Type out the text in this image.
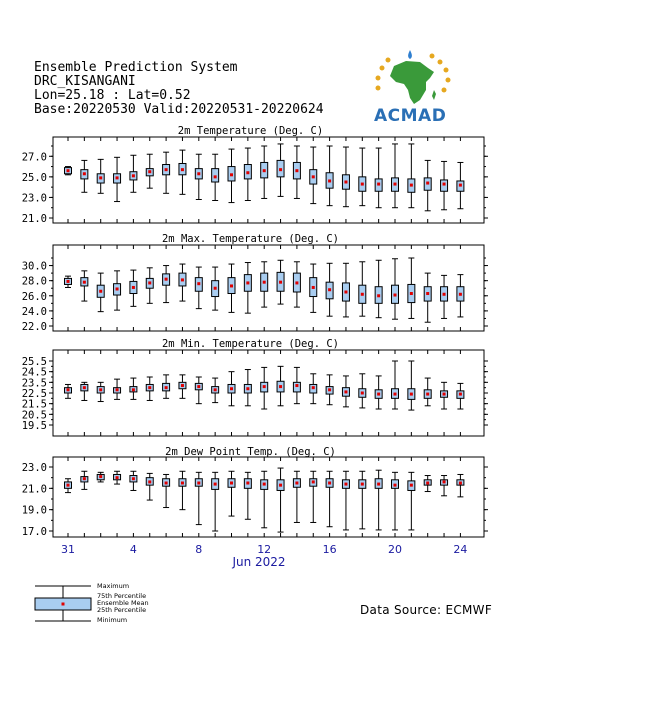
Ensemble Prediction System
DRC_KISANGANI
Lon=25.18 : Lat=0.52
Base:20220530 Valid:20220531-20220624	ACMAD
2m Temperature (Deg. C)
27.0
25.0
23.0
21.0
2m Max. Temperature (Deg. C)
30.0
28.0
26.0
24.0
22.0
2m Min. Temperature (Deg. C)
25.5
24.5
23.5
22.5
21.5
20.5
19.5
2m Dew Point Temp. (Deg. C)
23.0
21.0
19.0
17.0
31	4	8	12	16	20	24
Jun 2022
Maximum
75th Percentile
Ensemble Mean
25th Percentile
Minimum
Data Source: ECMWF
